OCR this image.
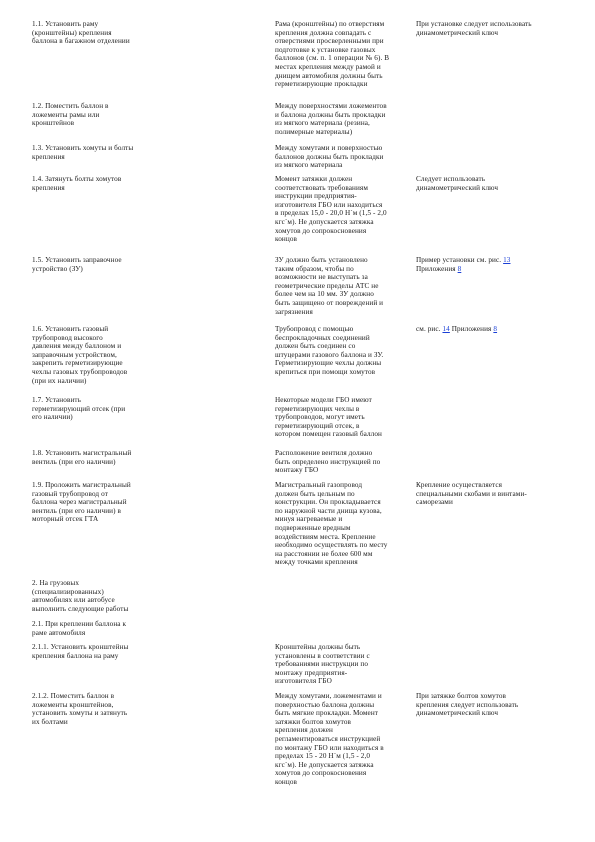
1.1. Установить раму
(кронштейны) крепления
баллона в багажном отделении
Рама (кронштейны) по отверстиям
крепления должна совпадать с
отверстиями просверленными при
подготовке к установке газовых
баллонов (см. п. 1 операции № 6). В
местах крепления между рамой и
днищем автомобиля должны быть
герметизирующие прокладки
При установке следует использовать
динамометрический ключ
1.2. Поместить баллон в
ложементы рамы или
кронштейнов
Между поверхностями ложементов
и баллона должны быть прокладки
из мягкого материала (резина,
полимерные материалы)
1.3. Установить хомуты и болты
крепления
Между хомутами и поверхностью
баллонов должны быть прокладки
из мягкого материала
1.4. Затянуть болты хомутов
крепления
Момент затяжки должен
соответствовать требованиям
инструкции предприятия-
изготовителя ГБО или находиться
в пределах 15,0 - 20,0 Н´м (1,5 - 2,0
кгс´м). Не допускается затяжка
хомутов до сопрокосновения
концов
Следует использовать
динамометрический ключ
1.5. Установить заправочное
устройство (ЗУ)
ЗУ должно быть установлено
таким образом, чтобы по
возможности не выступать за
геометрические пределы АТС не
более чем на 10 мм. ЗУ должно
быть защищено от повреждений и
загрязнения
Пример установки см. рис. 13
Приложения 8
1.6. Установить газовый
трубопровод высокого
давления между баллоном и
заправочным устройством,
закрепить герметизирующие
чехлы газовых трубопроводов
(при их наличии)
Трубопровод с помощью
беспрокладочных соединений
должен быть соединен со
штуцерами газового баллона и ЗУ.
Герметизирующие чехлы должны
крепиться при помощи хомутов
см. рис. 14 Приложения 8
1.7. Установить
герметизирующий отсек (при
его наличии)
Некоторые модели ГБО имеют
герметизирующих чехлы в
трубопроводов, могут иметь
герметизирующий отсек, в
котором помещен газовый баллон
1.8. Установить магистральный
вентиль (при его наличии)
Расположение вентиля должно
быть определено инструкцией по
монтажу ГБО
1.9. Проложить магистральный
газовый трубопровод от
баллона через магистральный
вентиль (при его наличии) в
моторный отсек ГТА
Магистральный газопровод
должен быть цельным по
конструкции. Он прокладывается
по наружной части днища кузова,
минуя нагреваемые и
подверженные вредным
воздействиям места. Крепление
необходимо осуществлять по месту
на расстоянии не более 600 мм
между точками крепления
Крепление осуществляется
специальными скобами и винтами-
саморезами
2. На грузовых
(специализированных)
автомобилях или автобусе
выполнить следующие работы
2.1. При креплении баллона к
раме автомобиля
2.1.1. Установить кронштейны
крепления баллона на раму
Кронштейны должны быть
установлены в соответствии с
требованиями инструкции по
монтажу предприятия-
изготовителя ГБО
2.1.2. Поместить баллон в
ложементы кронштейнов,
установить хомуты и затянуть
их болтами
Между хомутами, ложементами и
поверхностью баллона должны
быть мягкие прокладки. Момент
затяжки болтов хомутов
крепления должен
регламентироваться инструкцией
по монтажу ГБО или находиться в
пределах 15 - 20 Н´м (1,5 - 2,0
кгс´м). Не допускается затяжка
хомутов до сопрокосновения
концов
При затяжке болтов хомутов
крепления следует использовать
динамометрический ключ
